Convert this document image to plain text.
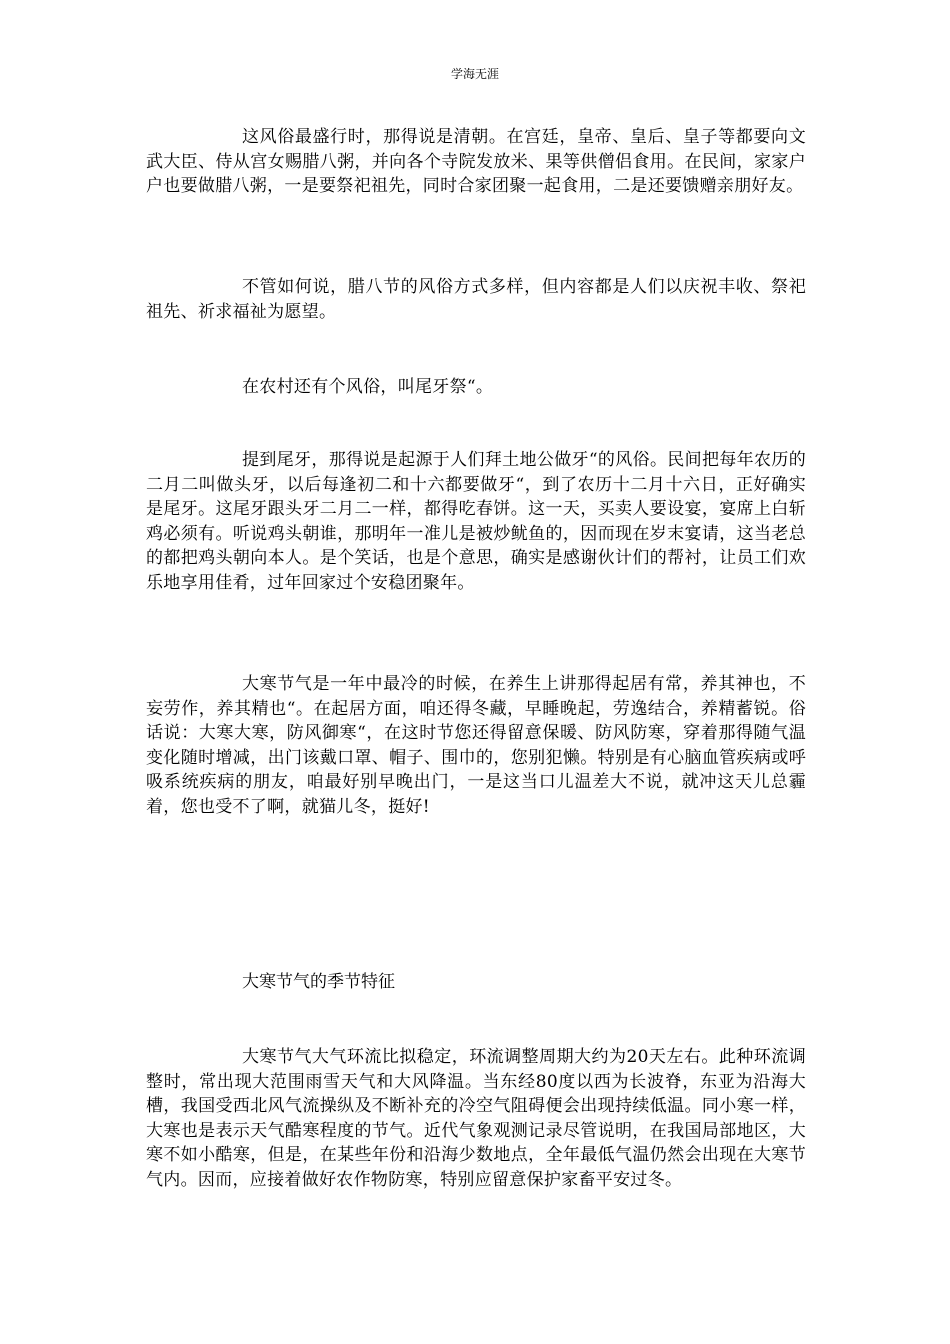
学海无涯

这风俗最盛行时，那得说是清朝。在宫廷，皇帝、皇后、皇子等都要向文武大臣、侍从宫女赐腊八粥，并向各个寺院发放米、果等供僧侣食用。在民间，家家户户也要做腊八粥，一是要祭祀祖先，同时合家团聚一起食用，二是还要馈赠亲朋好友。

不管如何说，腊八节的风俗方式多样，但内容都是人们以庆祝丰收、祭祀祖先、祈求福祉为愿望。

在农村还有个风俗，叫尾牙祭“。

提到尾牙，那得说是起源于人们拜土地公做牙“的风俗。民间把每年农历的二月二叫做头牙，以后每逢初二和十六都要做牙“，到了农历十二月十六日，正好确实是尾牙。这尾牙跟头牙二月二一样，都得吃春饼。这一天，买卖人要设宴，宴席上白斩鸡必须有。听说鸡头朝谁，那明年一准儿是被炒鱿鱼的，因而现在岁末宴请，这当老总的都把鸡头朝向本人。是个笑话，也是个意思，确实是感谢伙计们的帮衬，让员工们欢乐地享用佳肴，过年回家过个安稳团聚年。

大寒节气是一年中最冷的时候，在养生上讲那得起居有常，养其神也，不妄劳作，养其精也“。在起居方面，咱还得冬藏，早睡晚起，劳逸结合，养精蓄锐。俗话说：大寒大寒，防风御寒“，在这时节您还得留意保暖、防风防寒，穿着那得随气温变化随时增减，出门该戴口罩、帽子、围巾的，您别犯懒。特别是有心脑血管疾病或呼吸系统疾病的朋友，咱最好别早晚出门，一是这当口儿温差大不说，就冲这天儿总霾着，您也受不了啊，就猫儿冬，挺好!

大寒节气的季节特征

大寒节气大气环流比拟稳定，环流调整周期大约为20天左右。此种环流调整时，常出现大范围雨雪天气和大风降温。当东经80度以西为长波脊，东亚为沿海大槽，我国受西北风气流操纵及不断补充的冷空气阻碍便会出现持续低温。同小寒一样，大寒也是表示天气酷寒程度的节气。近代气象观测记录尽管说明，在我国局部地区，大寒不如小酷寒，但是，在某些年份和沿海少数地点，全年最低气温仍然会出现在大寒节气内。因而，应接着做好农作物防寒，特别应留意保护家畜平安过冬。
